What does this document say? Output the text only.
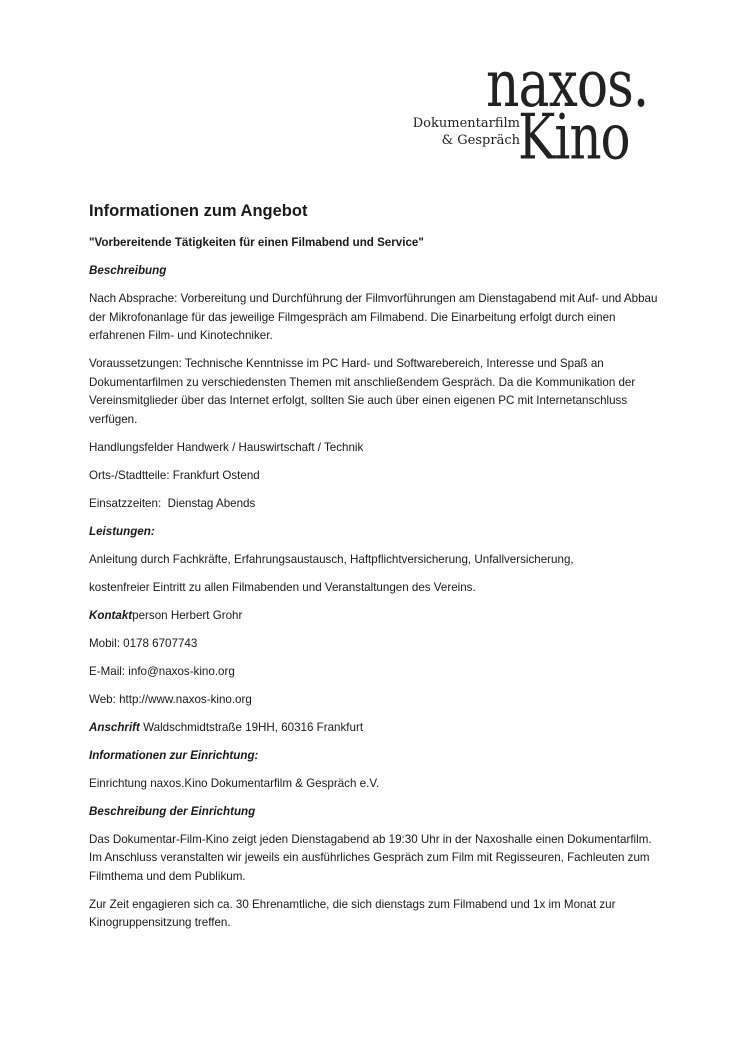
naxos.
Kino
Dokumentarfilm
& Gespräch
Informationen zum Angebot

"Vorbereitende Tätigkeiten für einen Filmabend und Service"

Beschreibung

Nach Absprache: Vorbereitung und Durchführung der Filmvorführungen am Dienstagabend mit Auf- und Abbau der Mikrofonanlage für das jeweilige Filmgespräch am Filmabend. Die Einarbeitung erfolgt durch einen erfahrenen Film- und Kinotechniker.

Voraussetzungen: Technische Kenntnisse im PC Hard- und Softwarebereich, Interesse und Spaß an Dokumentarfilmen zu verschiedensten Themen mit anschließendem Gespräch. Da die Kommunikation der Vereinsmitglieder über das Internet erfolgt, sollten Sie auch über einen eigenen PC mit Internetanschluss verfügen.

Handlungsfelder Handwerk / Hauswirtschaft / Technik

Orts-/Stadtteile: Frankfurt Ostend

Einsatzzeiten:  Dienstag Abends

Leistungen:

Anleitung durch Fachkräfte, Erfahrungsaustausch, Haftpflichtversicherung, Unfallversicherung,

kostenfreier Eintritt zu allen Filmabenden und Veranstaltungen des Vereins.

Kontaktperson Herbert Grohr

Mobil: 0178 6707743

E-Mail: info@naxos-kino.org

Web: http://www.naxos-kino.org

Anschrift Waldschmidtstraße 19HH, 60316 Frankfurt

Informationen zur Einrichtung:

Einrichtung naxos.Kino Dokumentarfilm & Gespräch e.V.

Beschreibung der Einrichtung

Das Dokumentar-Film-Kino zeigt jeden Dienstagabend ab 19:30 Uhr in der Naxoshalle einen Dokumentarfilm. Im Anschluss veranstalten wir jeweils ein ausführliches Gespräch zum Film mit Regisseuren, Fachleuten zum Filmthema und dem Publikum.

Zur Zeit engagieren sich ca. 30 Ehrenamtliche, die sich dienstags zum Filmabend und 1x im Monat zur Kinogruppensitzung treffen.
